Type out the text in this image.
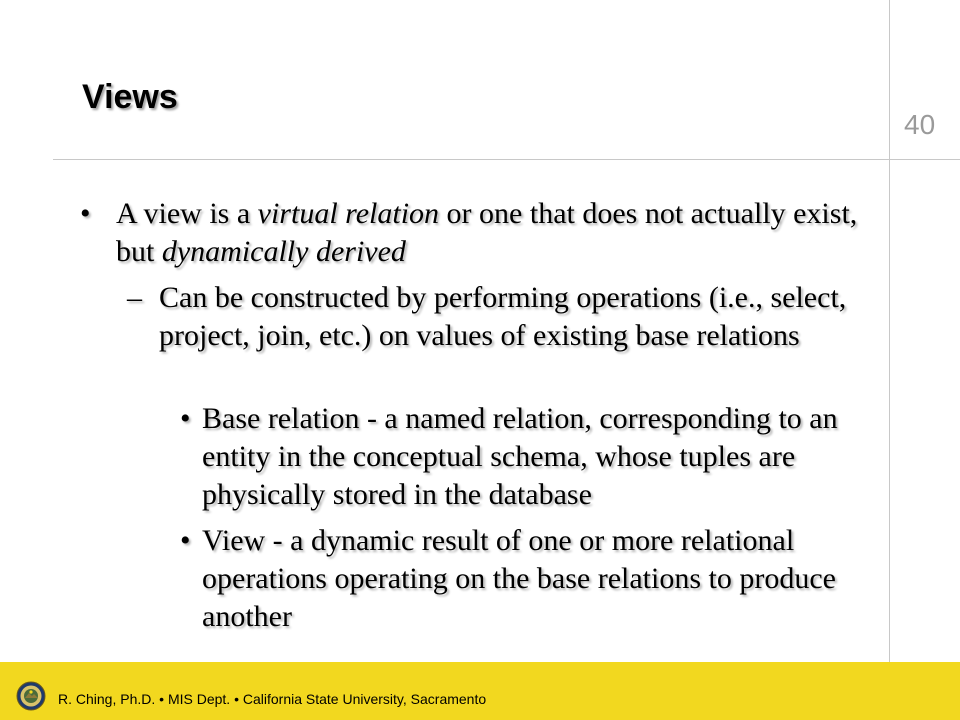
Views
40
• A view is a virtual relation or one that does not actually exist, but dynamically derived
– Can be constructed by performing operations (i.e., select, project, join, etc.) on values of existing base relations
• Base relation - a named relation, corresponding to an entity in the conceptual schema, whose tuples are physically stored in the database
• View - a dynamic result of one or more relational operations operating on the base relations to produce another
R. Ching, Ph.D. • MIS Dept. • California State University, Sacramento
